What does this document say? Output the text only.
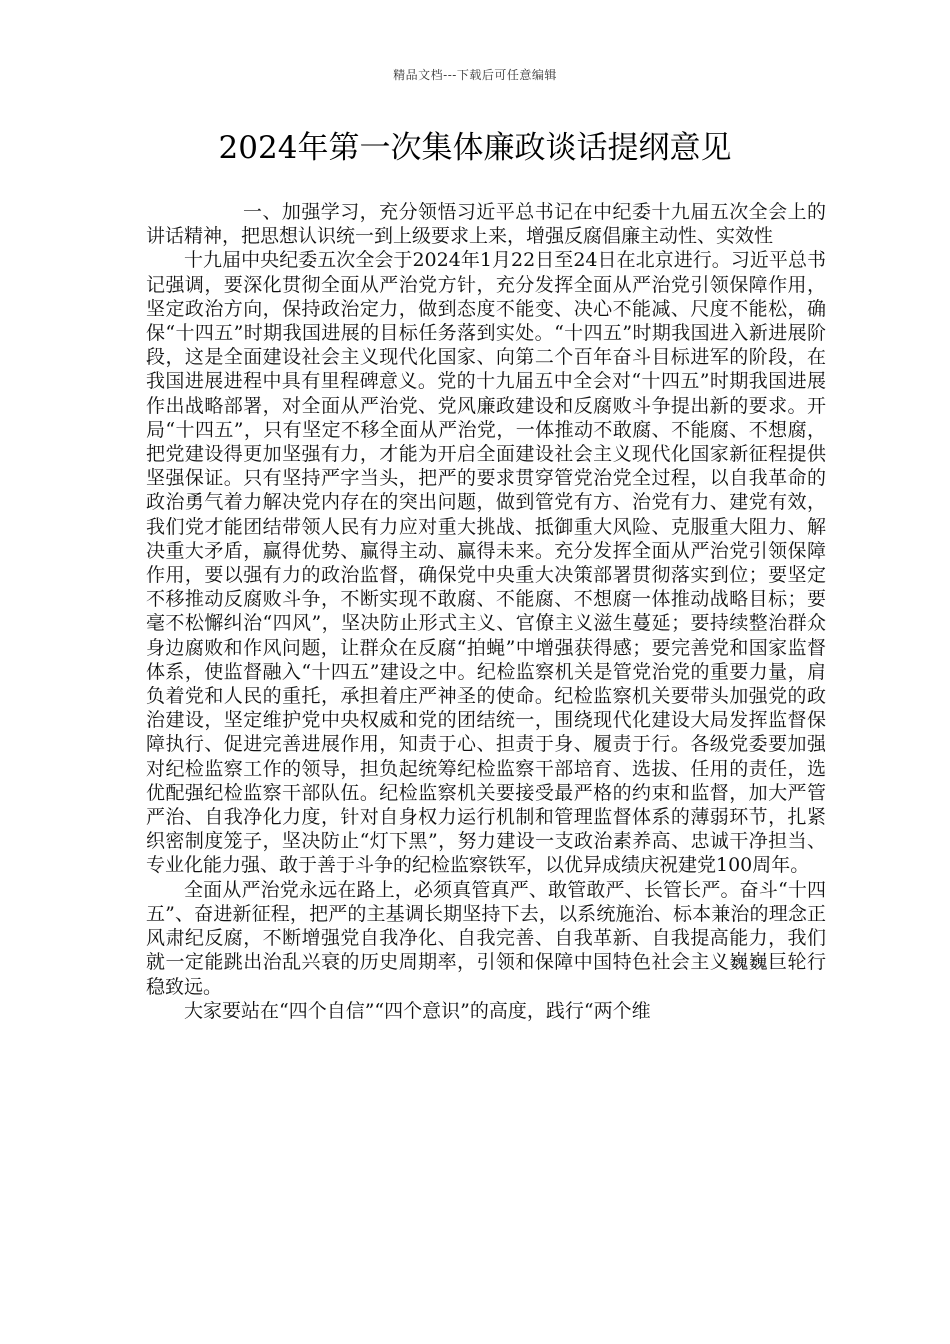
精品文档---下载后可任意编辑
2024年第一次集体廉政谈话提纲意见

一、加强学习，充分领悟习近平总书记在中纪委十九届五次全会上的讲话精神，把思想认识统一到上级要求上来，增强反腐倡廉主动性、实效性

十九届中央纪委五次全会于2024年1月22日至24日在北京进行。习近平总书记强调，要深化贯彻全面从严治党方针，充分发挥全面从严治党引领保障作用，坚定政治方向，保持政治定力，做到态度不能变、决心不能减、尺度不能松，确保“十四五”时期我国进展的目标任务落到实处。“十四五”时期我国进入新进展阶段，这是全面建设社会主义现代化国家、向第二个百年奋斗目标进军的阶段，在我国进展进程中具有里程碑意义。党的十九届五中全会对“十四五”时期我国进展作出战略部署，对全面从严治党、党风廉政建设和反腐败斗争提出新的要求。开局“十四五”，只有坚定不移全面从严治党，一体推动不敢腐、不能腐、不想腐，把党建设得更加坚强有力，才能为开启全面建设社会主义现代化国家新征程提供坚强保证。只有坚持严字当头，把严的要求贯穿管党治党全过程，以自我革命的政治勇气着力解决党内存在的突出问题，做到管党有方、治党有力、建党有效，我们党才能团结带领人民有力应对重大挑战、抵御重大风险、克服重大阻力、解决重大矛盾，赢得优势、赢得主动、赢得未来。充分发挥全面从严治党引领保障作用，要以强有力的政治监督，确保党中央重大决策部署贯彻落实到位；要坚定不移推动反腐败斗争，不断实现不敢腐、不能腐、不想腐一体推动战略目标；要毫不松懈纠治“四风”，坚决防止形式主义、官僚主义滋生蔓延；要持续整治群众身边腐败和作风问题，让群众在反腐“拍蝇”中增强获得感；要完善党和国家监督体系，使监督融入“十四五”建设之中。纪检监察机关是管党治党的重要力量，肩负着党和人民的重托，承担着庄严神圣的使命。纪检监察机关要带头加强党的政治建设，坚定维护党中央权威和党的团结统一，围绕现代化建设大局发挥监督保障执行、促进完善进展作用，知责于心、担责于身、履责于行。各级党委要加强对纪检监察工作的领导，担负起统筹纪检监察干部培育、选拔、任用的责任，选优配强纪检监察干部队伍。纪检监察机关要接受最严格的约束和监督，加大严管严治、自我净化力度，针对自身权力运行机制和管理监督体系的薄弱环节，扎紧织密制度笼子，坚决防止“灯下黑”，努力建设一支政治素养高、忠诚干净担当、专业化能力强、敢于善于斗争的纪检监察铁军，以优异成绩庆祝建党100周年。

全面从严治党永远在路上，必须真管真严、敢管敢严、长管长严。奋斗“十四五”、奋进新征程，把严的主基调长期坚持下去，以系统施治、标本兼治的理念正风肃纪反腐，不断增强党自我净化、自我完善、自我革新、自我提高能力，我们就一定能跳出治乱兴衰的历史周期率，引领和保障中国特色社会主义巍巍巨轮行稳致远。

大家要站在“四个自信”“四个意识”的高度，践行“两个维
